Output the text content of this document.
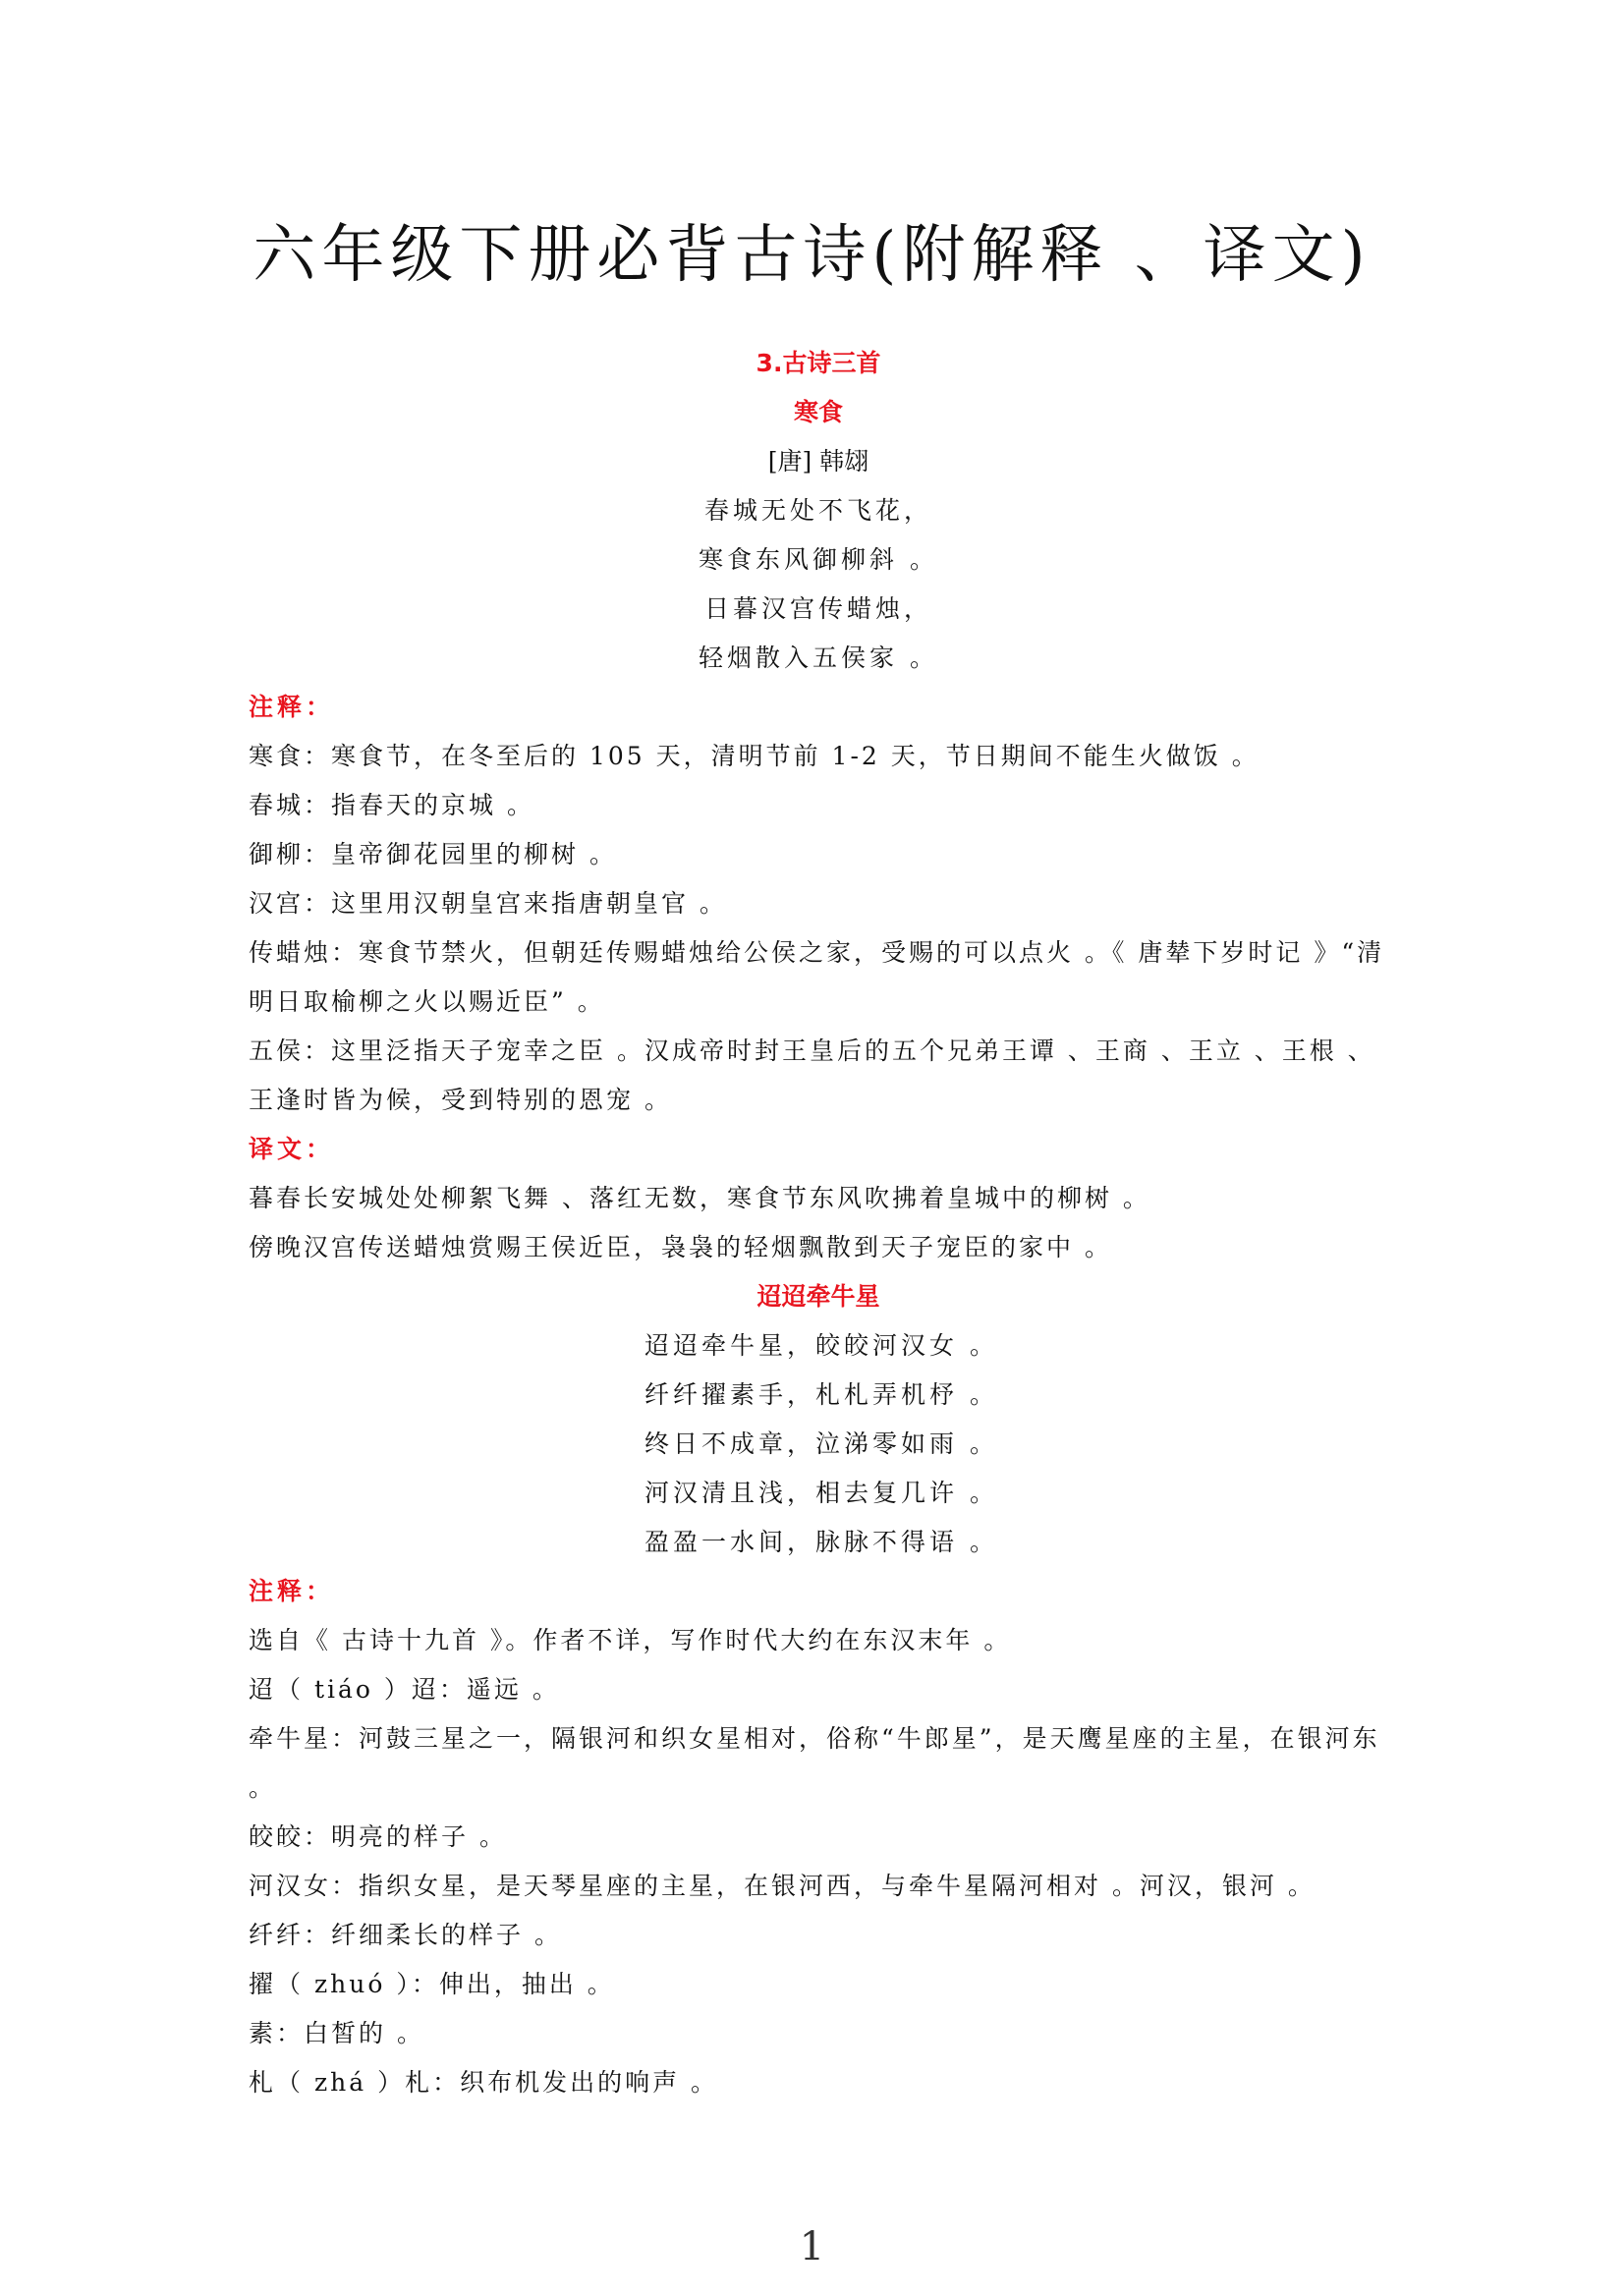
六年级下册必背古诗(附解释 、译文)
3.古诗三首
寒食
[唐] 韩翃
春城无处不飞花，
寒食东风御柳斜 。
日暮汉宫传蜡烛，
轻烟散入五侯家 。
注释：
寒食：寒食节，在冬至后的 105 天，清明节前 1-2 天，节日期间不能生火做饭 。
春城：指春天的京城 。
御柳：皇帝御花园里的柳树 。
汉宫：这里用汉朝皇宫来指唐朝皇官 。
传蜡烛：寒食节禁火，但朝廷传赐蜡烛给公侯之家，受赐的可以点火 。《 唐辇下岁时记 》“清明日取榆柳之火以赐近臣” 。
五侯：这里泛指天子宠幸之臣 。汉成帝时封王皇后的五个兄弟王谭 、王商 、王立 、王根 、王逢时皆为候，受到特别的恩宠 。
译文：
暮春长安城处处柳絮飞舞 、落红无数，寒食节东风吹拂着皇城中的柳树 。
傍晚汉宫传送蜡烛赏赐王侯近臣，袅袅的轻烟飘散到天子宠臣的家中 。
迢迢牵牛星
迢迢牵牛星，皎皎河汉女 。
纤纤擢素手，札札弄机杼 。
终日不成章，泣涕零如雨 。
河汉清且浅，相去复几许 。
盈盈一水间，脉脉不得语 。
注释：
选自《 古诗十九首 》。作者不详，写作时代大约在东汉末年 。
迢（ tiáo ）迢：遥远 。
牵牛星：河鼓三星之一，隔银河和织女星相对，俗称“牛郎星”，是天鹰星座的主星，在银河东 。
皎皎：明亮的样子 。
河汉女：指织女星，是天琴星座的主星，在银河西，与牵牛星隔河相对 。河汉，银河 。
纤纤：纤细柔长的样子 。
擢（ zhuó ）：伸出，抽出 。
素：白皙的 。
札（ zhá ）札：织布机发出的响声 。
1
